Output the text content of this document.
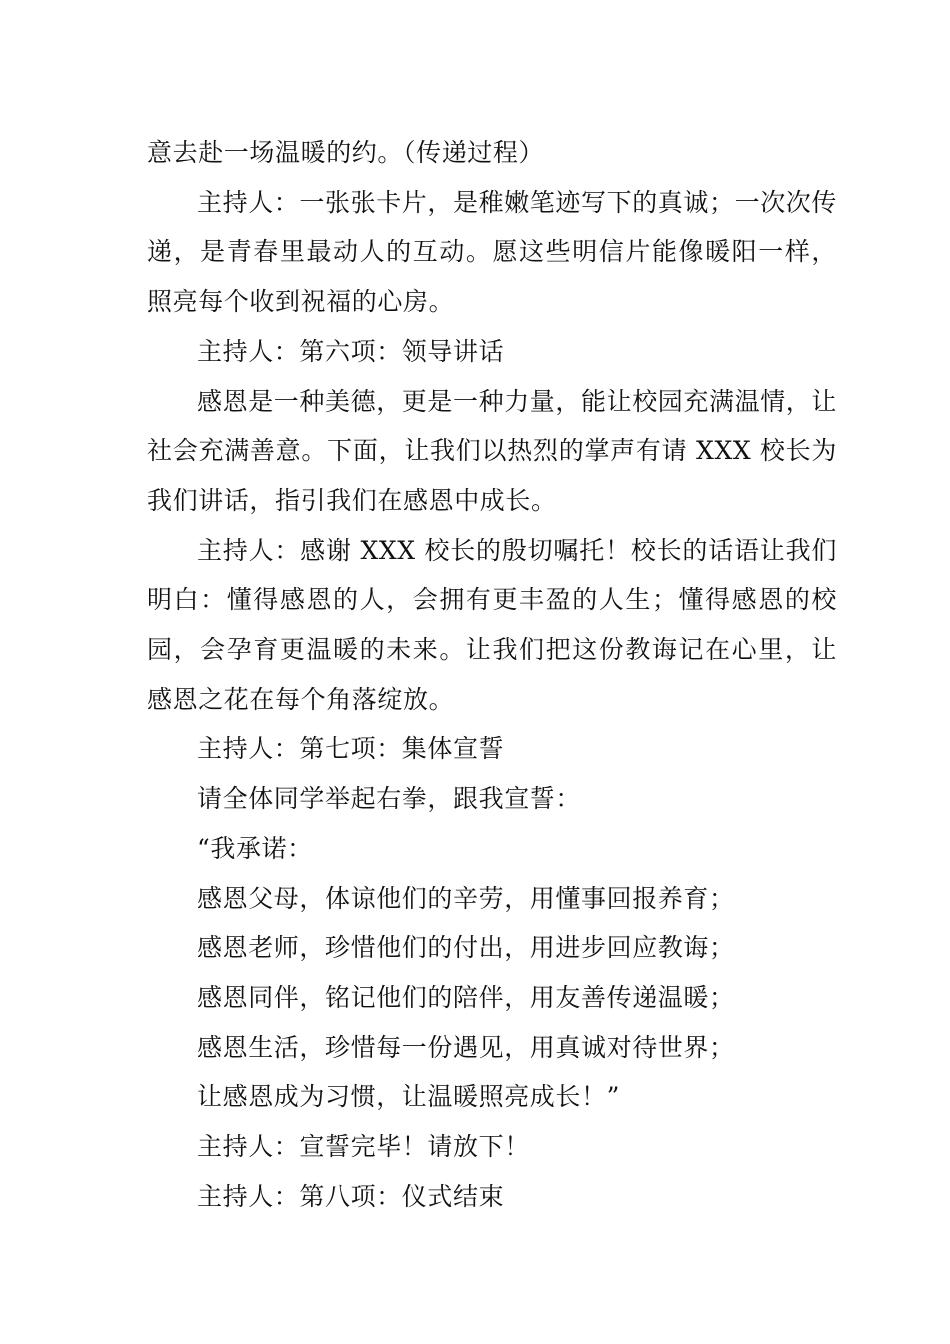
意去赴一场温暖的约。（传递过程）

主持人：一张张卡片，是稚嫩笔迹写下的真诚；一次次传递，是青春里最动人的互动。愿这些明信片能像暖阳一样，照亮每个收到祝福的心房。

主持人：第六项：领导讲话

感恩是一种美德，更是一种力量，能让校园充满温情，让社会充满善意。下面，让我们以热烈的掌声有请 XXX 校长为我们讲话，指引我们在感恩中成长。

主持人：感谢 XXX 校长的殷切嘱托！校长的话语让我们明白：懂得感恩的人，会拥有更丰盈的人生；懂得感恩的校园，会孕育更温暖的未来。让我们把这份教诲记在心里，让感恩之花在每个角落绽放。

主持人：第七项：集体宣誓

请全体同学举起右拳，跟我宣誓：

“我承诺：

感恩父母，体谅他们的辛劳，用懂事回报养育；

感恩老师，珍惜他们的付出，用进步回应教诲；

感恩同伴，铭记他们的陪伴，用友善传递温暖；

感恩生活，珍惜每一份遇见，用真诚对待世界；

让感恩成为习惯，让温暖照亮成长！”

主持人：宣誓完毕！请放下！

主持人：第八项：仪式结束
